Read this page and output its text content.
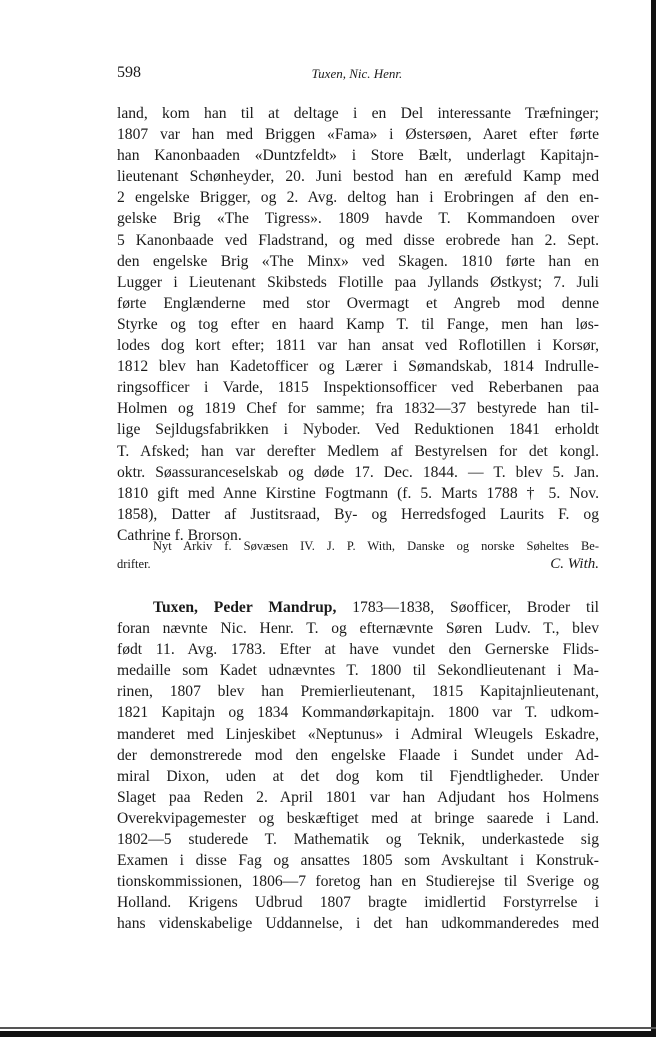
598	Tuxen, Nic. Henr.
land, kom han til at deltage i en Del interessante Træfninger;
1807 var han med Briggen «Fama» i Østersøen, Aaret efter førte
han Kanonbaaden «Duntzfeldt» i Store Bælt, underlagt Kapitajn-
lieutenant Schønheyder, 20. Juni bestod han en ærefuld Kamp med
2 engelske Brigger, og 2. Avg. deltog han i Erobringen af den en-
gelske Brig «The Tigress». 1809 havde T. Kommandoen over
5 Kanonbaade ved Fladstrand, og med disse erobrede han 2. Sept.
den engelske Brig «The Minx» ved Skagen. 1810 førte han en
Lugger i Lieutenant Skibsteds Flotille paa Jyllands Østkyst; 7. Juli
førte Englænderne med stor Overmagt et Angreb mod denne
Styrke og tog efter en haard Kamp T. til Fange, men han løs-
lodes dog kort efter; 1811 var han ansat ved Roflotillen i Korsør,
1812 blev han Kadetofficer og Lærer i Sømandskab, 1814 Indrulle-
ringsofficer i Varde, 1815 Inspektionsofficer ved Reberbanen paa
Holmen og 1819 Chef for samme; fra 1832—37 bestyrede han til-
lige Sejldugsfabrikken i Nyboder. Ved Reduktionen 1841 erholdt
T. Afsked; han var derefter Medlem af Bestyrelsen for det kongl.
oktr. Søassuranceselskab og døde 17. Dec. 1844. — T. blev 5. Jan.
1810 gift med Anne Kirstine Fogtmann (f. 5. Marts 1788 † 5. Nov.
1858), Datter af Justitsraad, By- og Herredsfoged Laurits F. og
Cathrine f. Brorson.
Nyt Arkiv f. Søvæsen IV. J. P. With, Danske og norske Søheltes Be-
drifter.	C. With.
Tuxen, Peder Mandrup, 1783—1838, Søofficer, Broder til
foran nævnte Nic. Henr. T. og efternævnte Søren Ludv. T., blev
født 11. Avg. 1783. Efter at have vundet den Gernerske Flids-
medaille som Kadet udnævntes T. 1800 til Sekondlieutenant i Ma-
rinen, 1807 blev han Premierlieutenant, 1815 Kapitajnlieutenant,
1821 Kapitajn og 1834 Kommandørkapitajn. 1800 var T. udkom-
manderet med Linjeskibet «Neptunus» i Admiral Wleugels Eskadre,
der demonstrerede mod den engelske Flaade i Sundet under Ad-
miral Dixon, uden at det dog kom til Fjendtligheder. Under
Slaget paa Reden 2. April 1801 var han Adjudant hos Holmens
Overekvipagemester og beskæftiget med at bringe saarede i Land.
1802—5 studerede T. Mathematik og Teknik, underkastede sig
Examen i disse Fag og ansattes 1805 som Avskultant i Konstruk-
tionskommissionen, 1806—7 foretog han en Studierejse til Sverige og
Holland. Krigens Udbrud 1807 bragte imidlertid Forstyrrelse i
hans videnskabelige Uddannelse, i det han udkommanderedes med
